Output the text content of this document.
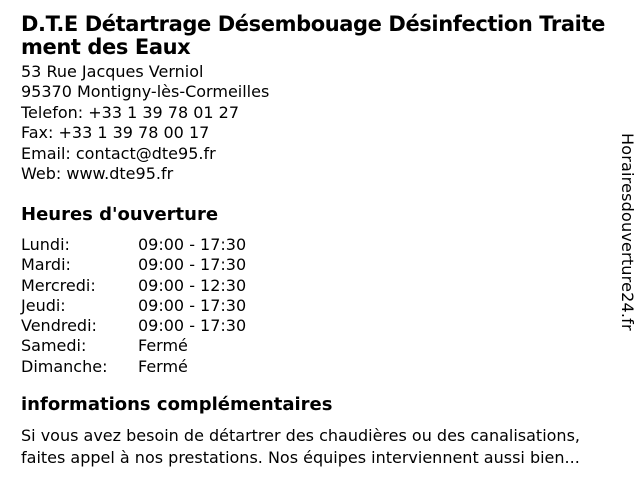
D.T.E Détartrage Désembouage Désinfection Traite
ment des Eaux
53 Rue Jacques Verniol
95370 Montigny-lès-Cormeilles
Telefon: +33 1 39 78 01 27
Fax: +33 1 39 78 00 17
Email: contact@dte95.fr
Web: www.dte95.fr
Heures d'ouverture
Lundi:	09:00 - 17:30
Mardi:	09:00 - 17:30
Mercredi:	09:00 - 12:30
Jeudi:	09:00 - 17:30
Vendredi:	09:00 - 17:30
Samedi:	Fermé
Dimanche:	Fermé
informations complémentaires
Si vous avez besoin de détartrer des chaudières ou des canalisations,
faites appel à nos prestations. Nos équipes interviennent aussi bien...
Horairesdouverture24.fr
